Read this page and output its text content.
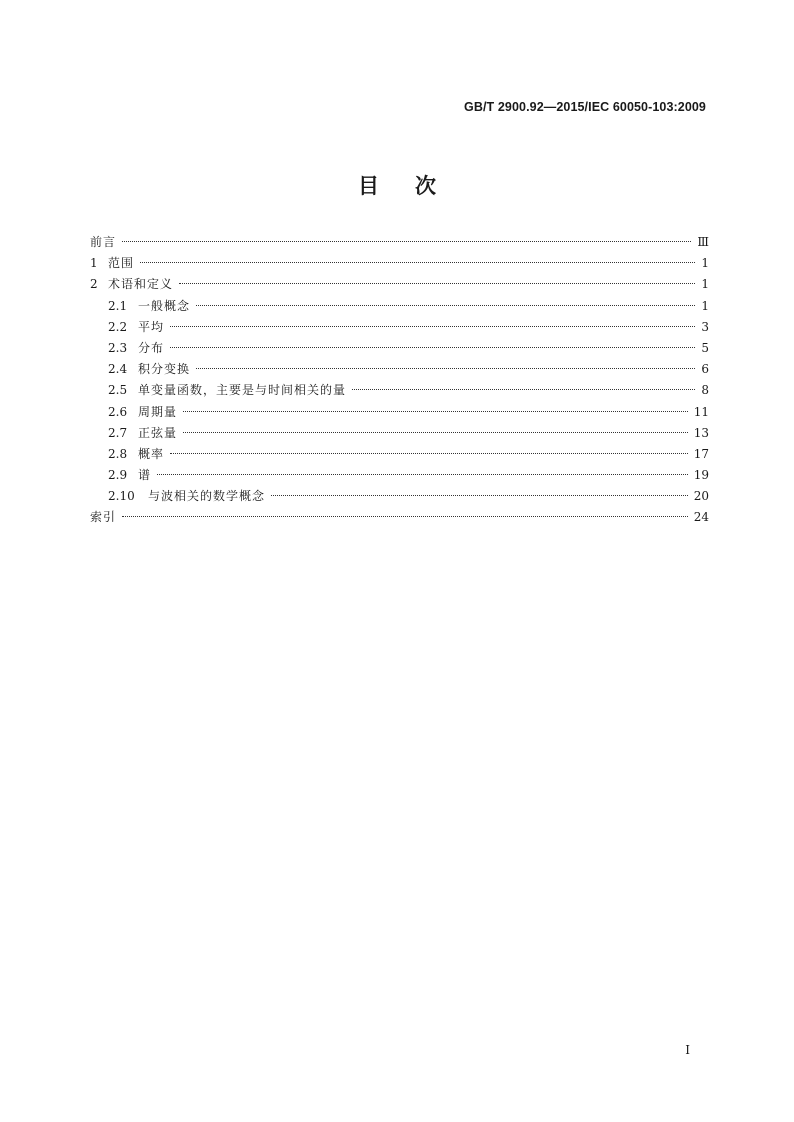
GB/T 2900.92—2015/IEC 60050-103:2009
目 次
前言	Ⅲ
1 范围	1
2 术语和定义	1
2.1 一般概念	1
2.2 平均	3
2.3 分布	5
2.4 积分变换	6
2.5 单变量函数，主要是与时间相关的量	8
2.6 周期量	11
2.7 正弦量	13
2.8 概率	17
2.9 谱	19
2.10	与波相关的数学概念	20
索引	24
I
